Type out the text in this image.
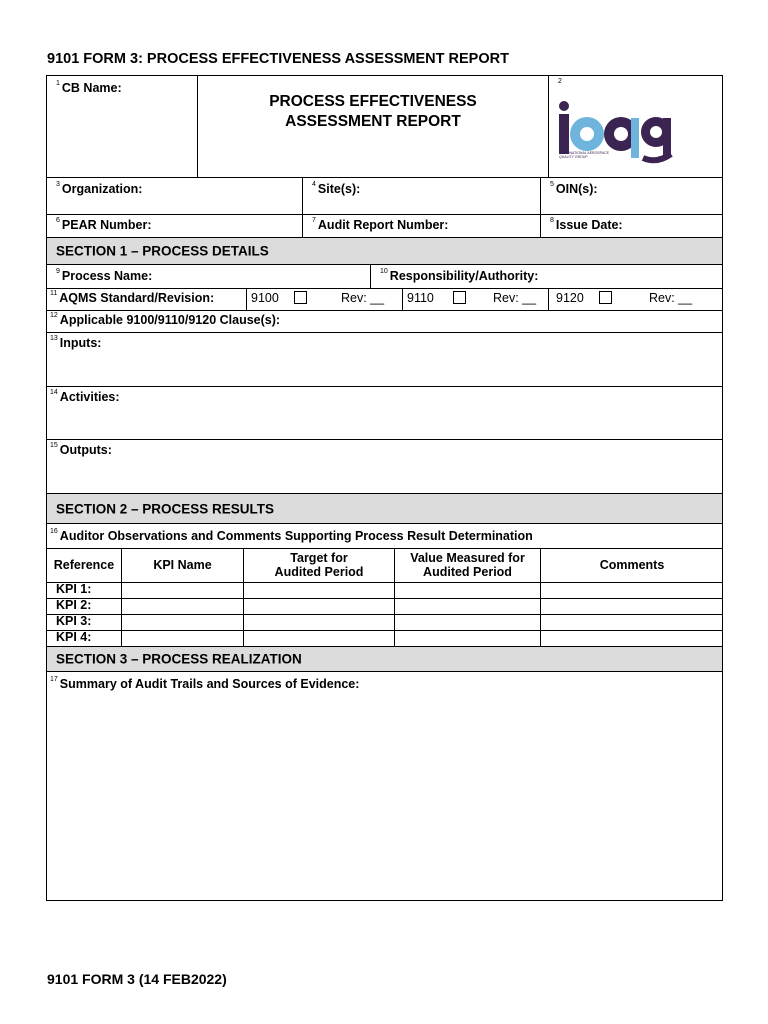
9101 FORM 3: PROCESS EFFECTIVENESS ASSESSMENT REPORT
$^1$ CB Name:
PROCESS EFFECTIVENESS
ASSESSMENT REPORT
$^2$
INTERNATIONAL AEROSPACE
QUALITY GROUP
$^3$ Organization:	$^4$ Site(s):	$^5$ OIN(s):
$^6$ PEAR Number:	$^7$ Audit Report Number:	$^8$ Issue Date:
SECTION 1 – PROCESS DETAILS
$^9$ Process Name:	$^{10}$ Responsibility/Authority:
$^{11}$ AQMS Standard/Revision:	9100	Rev: __ 9110	Rev: __ 9120	Rev: __
$^{12}$ Applicable 9100/9110/9120 Clause(s):
$^{13}$ Inputs:
$^{14}$ Activities:
$^{15}$ Outputs:
SECTION 2 – PROCESS RESULTS
$^{16}$ Auditor Observations and Comments Supporting Process Result Determination
Reference	KPI Name	Target for
Audited Period
Value Measured for
Audited Period	Comments
KPI 1:
KPI 2:
KPI 3:
KPI 4:
SECTION 3 – PROCESS REALIZATION
$^{17}$ Summary of Audit Trails and Sources of Evidence:
9101 FORM 3 (14 FEB2022)
